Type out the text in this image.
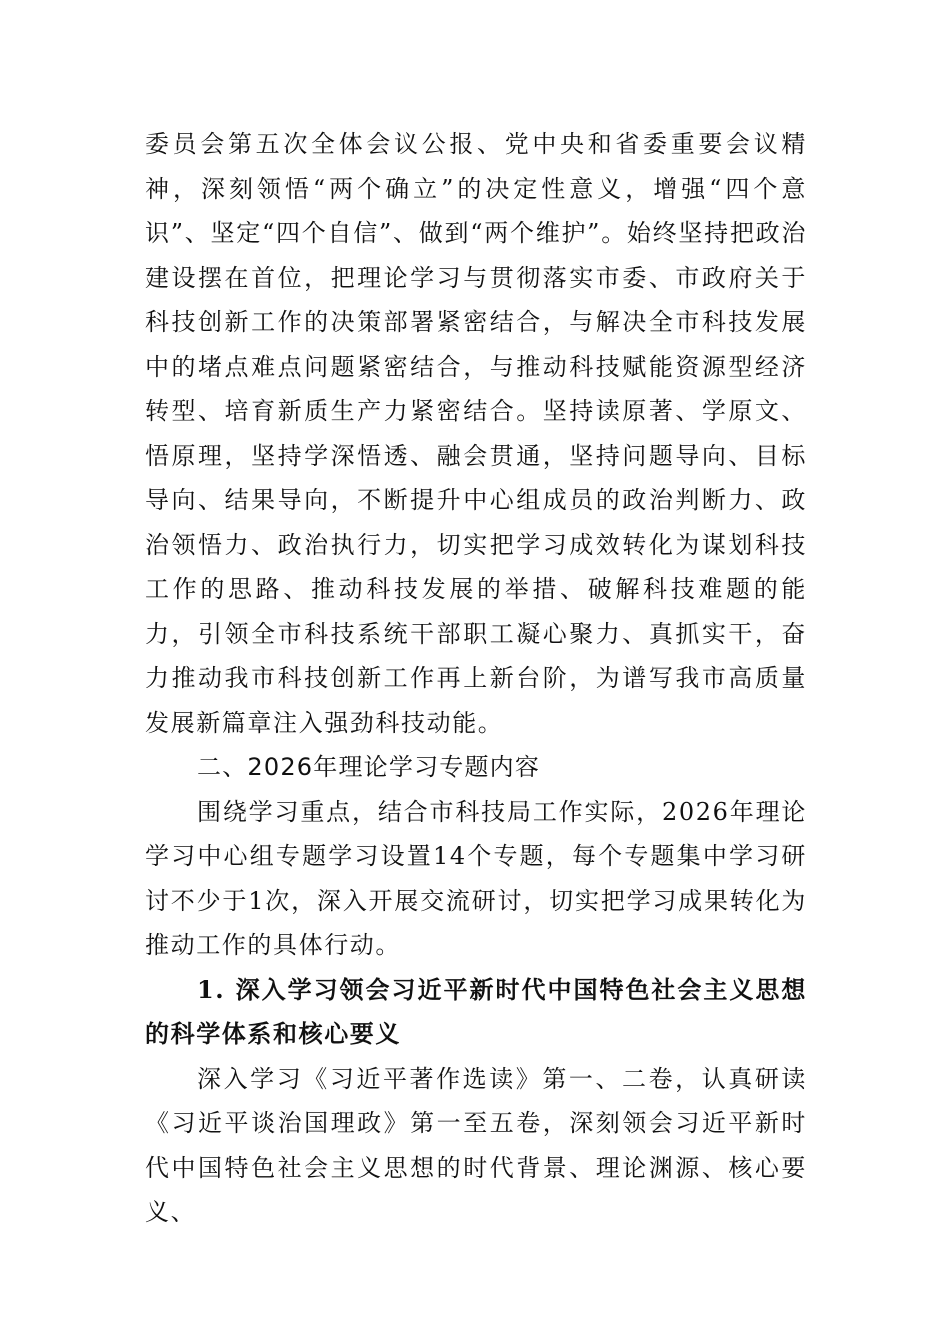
委员会第五次全体会议公报、党中央和省委重要会议精神，深刻领悟“两个确立”的决定性意义，增强“四个意识”、坚定“四个自信”、做到“两个维护”。始终坚持把政治建设摆在首位，把理论学习与贯彻落实市委、市政府关于科技创新工作的决策部署紧密结合，与解决全市科技发展中的堵点难点问题紧密结合，与推动科技赋能资源型经济转型、培育新质生产力紧密结合。坚持读原著、学原文、悟原理，坚持学深悟透、融会贯通，坚持问题导向、目标导向、结果导向，不断提升中心组成员的政治判断力、政治领悟力、政治执行力，切实把学习成效转化为谋划科技工作的思路、推动科技发展的举措、破解科技难题的能力，引领全市科技系统干部职工凝心聚力、真抓实干，奋力推动我市科技创新工作再上新台阶，为谱写我市高质量发展新篇章注入强劲科技动能。

二、2026年理论学习专题内容

围绕学习重点，结合市科技局工作实际，2026年理论学习中心组专题学习设置14个专题，每个专题集中学习研讨不少于1次，深入开展交流研讨，切实把学习成果转化为推动工作的具体行动。

1. 深入学习领会习近平新时代中国特色社会主义思想的科学体系和核心要义

深入学习《习近平著作选读》第一、二卷，认真研读《习近平谈治国理政》第一至五卷，深刻领会习近平新时代中国特色社会主义思想的时代背景、理论渊源、核心要义、
